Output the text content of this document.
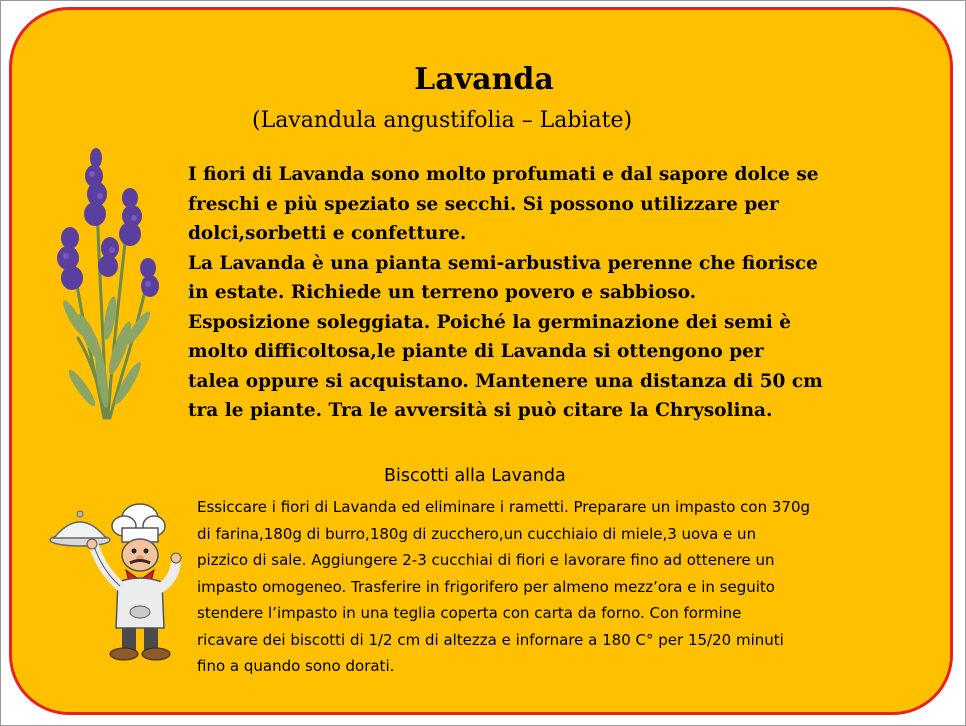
Lavanda
(Lavandula angustifolia – Labiate)
I fiori di Lavanda sono molto profumati e dal sapore dolce se
freschi e più speziato se secchi. Si possono utilizzare per
dolci,sorbetti e confetture.
La Lavanda è una pianta semi-arbustiva perenne che fiorisce
in estate. Richiede un terreno povero e sabbioso.
Esposizione soleggiata. Poiché la germinazione dei semi è
molto difficoltosa,le piante di Lavanda si ottengono per
talea oppure si acquistano. Mantenere una distanza di 50 cm
tra le piante. Tra le avversità si può citare la Chrysolina.
Biscotti alla Lavanda
Essiccare i fiori di Lavanda ed eliminare i rametti. Preparare un impasto con 370g
di farina,180g di burro,180g di zucchero,un cucchiaio di miele,3 uova e un
pizzico di sale. Aggiungere 2-3 cucchiai di fiori e lavorare fino ad ottenere un
impasto omogeneo. Trasferire in frigorifero per almeno mezz’ora e in seguito
stendere l’impasto in una teglia coperta con carta da forno. Con formine
ricavare dei biscotti di 1/2 cm di altezza e infornare a 180 C° per 15/20 minuti
fino a quando sono dorati.
